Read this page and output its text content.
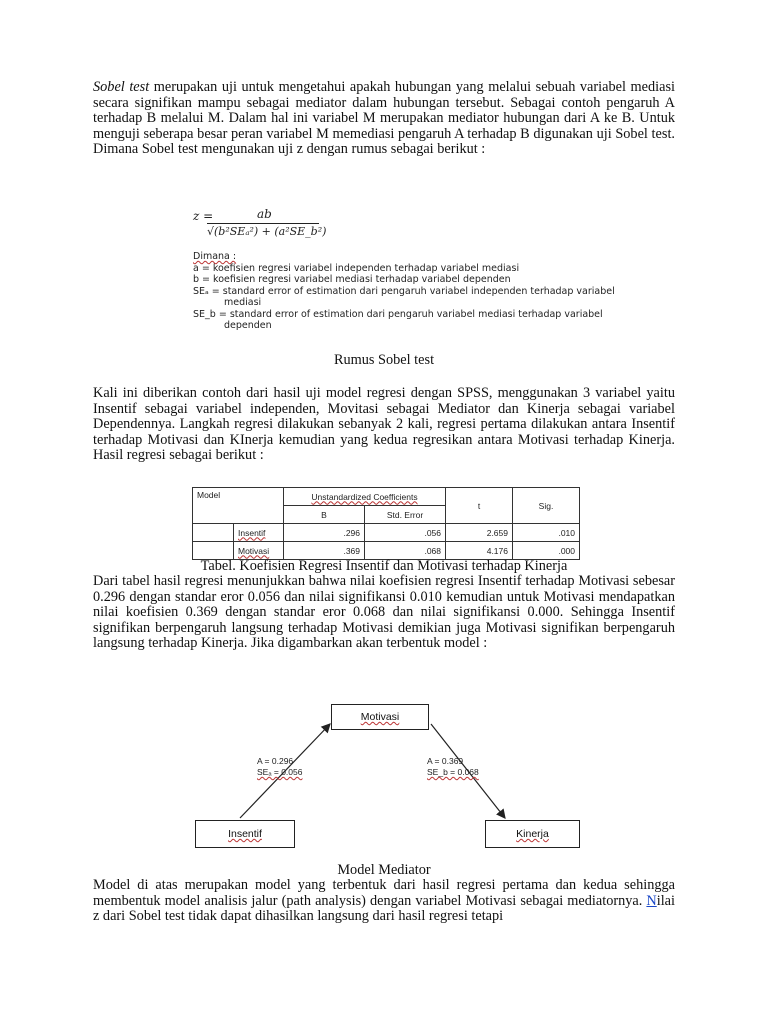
Sobel test merupakan uji untuk mengetahui apakah hubungan yang melalui sebuah variabel mediasi secara signifikan mampu sebagai mediator dalam hubungan tersebut. Sebagai contoh pengaruh A terhadap B melalui M. Dalam hal ini variabel M merupakan mediator hubungan dari A ke B. Untuk menguji seberapa besar peran variabel M memediasi pengaruh A terhadap B digunakan uji Sobel test. Dimana Sobel test mengunakan uji z dengan rumus sebagai berikut :

z =	ab
√(b²SEₐ²) + (a²SE_b²)
Dimana :
a = koefisien regresi variabel independen terhadap variabel mediasi
b = koefisien regresi variabel mediasi terhadap variabel dependen
SEₐ = standard error of estimation dari pengaruh variabel independen terhadap variabel
mediasi
SE_b = standard error of estimation dari pengaruh variabel mediasi terhadap variabel
dependen
Rumus Sobel test

Kali ini diberikan contoh dari hasil uji model regresi dengan SPSS, menggunakan 3 variabel yaitu Insentif sebagai variabel independen, Movitasi sebagai Mediator dan Kinerja sebagai variabel Dependennya. Langkah regresi dilakukan sebanyak 2 kali, regresi pertama dilakukan antara Insentif terhadap Motivasi dan KInerja kemudian yang kedua regresikan antara Motivasi terhadap Kinerja. Hasil regresi sebagai berikut :

Model		Unstandardized Coefficients		t	Sig.
		B	Std. Error		
	Insentif	.296	.056	2.659	.010
	Motivasi	.369	.068	4.176	.000
Tabel. Koefisien Regresi Insentif dan Motivasi terhadap Kinerja

Dari tabel hasil regresi menunjukkan bahwa nilai koefisien regresi Insentif terhadap Motivasi sebesar 0.296 dengan standar eror 0.056 dan nilai signifikansi 0.010 kemudian untuk Motivasi mendapatkan nilai koefisien 0.369 dengan standar eror 0.068 dan nilai signifikansi 0.000. Sehingga Insentif signifikan berpengaruh langsung terhadap Motivasi demikian juga Motivasi signifikan berpengaruh langsung terhadap Kinerja. Jika digambarkan akan terbentuk model :

Motivasi
Insentif	Kinerja
A = 0.296
SEₐ = 0.056
A = 0.369
SE_b = 0.068
Model Mediator

Model di atas merupakan model yang terbentuk dari hasil regresi pertama dan kedua sehingga membentuk model analisis jalur (path analysis) dengan variabel Motivasi sebagai mediatornya. Nilai z dari Sobel test tidak dapat dihasilkan langsung dari hasil regresi tetapi
